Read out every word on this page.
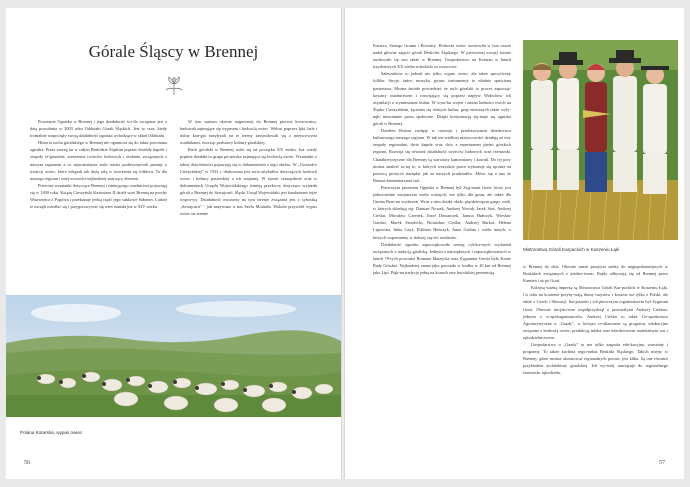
Górale Śląscy w Brennej

Powstanie Ogniska w Brennej i jego działalność ści-śle związane jest z datą powołania w 2003 roku Oddziału Górali Śląskich. Jest to czas, kiedy formalnie rozpoczęły swoją działalność ogniska wchodzące w skład Oddziału.

Historia ruchu góralskiego w Brennej nie ogranicza się do faktu powstania ogniska. Przez szereg lat w całym Beskidzie Śląskim prężnie działały kapele i zespoły re-gionalne, zrzeszenia twórców ludowych i zesłanie, związanych z naszym regionem a co najważniejsze stale mistrz podtrzymywali pamięć o tradycji owiec, które odegrali tak dużą rolę w tworzeniu się folkloru. To dla naszego regionu i miej-scowości najbardziej znaczący element.

Pierwsze wzmianki dotyczące Brennej i istniejącego osadnictwa pojawiają się w 1490 roku. Książę Cieszyński Kazimierz II dzieli wieś Brenną na prosby Wawrzyńca z Pogórza i przekazuje jedną część jego sukkowe Sałomei. Ludzie te zaczęli osiedlać się i przygotowywać się wieś istniała już w XIV wieku.

W tym samym okresie najpewniej do Brennej pierwsi koczownicy, budowali zajmujące się wypasem i hodowlą owiec. Wołosi poprzez lęki, bale i dolny kon-gat nasyłyzali na te tereny zasymilowali się z miejscowymi osadnikami, tworząc podstawy kultury góralskiej.

Ruch góralski w Brennej rodzi się na początku XX wieku. Już wtedy prężnie działała tu grupa pa-sterska zajmująca się hodowlą owiec. Wzmianki o takiej dzia-łalności pojawiają się w dokumentach z tego okresu. W „Gwiazdce Cieszyńskiej" w 1933 r. drukowana jest seria artykułów dotyczących hodowli owiec i kultury pasterskiej a ich znajomy. W tymże czasopiśmie oraz w dokumentach Urzędu Wojewódzkiego istnieją przeka-zy dotyczące wyjazdu górali z Brennej do Szwajcarii. Śląski Urząd Wojewódzki jest fundatorem tejże wypra-wy. Działalność owczarzy na tym terenie związana jest z sybostką „Szwajcarii" - jak nazywano u nas Szefa Moskała. Wokoła przywidź wypas owiec na terenie

Polana Kotarska, wypas owiec
56

Kotarza, Starego Grunia i Równicy. Hodowla owiec sta-nowiła w tym czasie nadal główne zajęcie górali Beski-du Śląskiego. W pierwotnej swojej formie zachowało się ono także w Brennej. Gospodarstwo na Kotarzu w latach trzydziestych XX wieku uchodziło za wzorcowe.

Sałaszników to jednak nie tylko wypas owiec, ale także specyficzny folklor. Stroje, tańce, muzyka, gwara, instrumenty to właśnie spuścizna pasterstwa. Można śmiało powiedzieć że ruch góralski to proces zapocząt-kowany osadnictwem i rozwijający się poprzez napływ Wołochów ich asymilacji z wymieszanie kultur. W wyni-ku wojen i zmian ludności owich na Śląsku Cieszyńskim, łączenia się różnych kultur, grup etnicznych także wyły-nęło nieustannie przez społeczne. Dzięki kontynuację się-muje się ogniska górali w Brennej.

Dziełem Brzezu zachęty w rozwoju i przekazywaniu dziedzictwa kulturowego naszego regionu. W tak nie-wielkiej miejscowości działają aż trzy zespoły regionalne, dwie kapele oraz chór z repertuarem pieśni górskich regionu. Rozwija się również działalność twórców ludowych oraz rzemiosła. Charakterystyczne dla Brennej są warsztaty kamieniarzy i kowali. Do tej pory można znaleźć tu-taj te, w których wszystkie prace wykonuje się ręcznie za pomocą prostych narzędzi jak za naszych pradziadów. Mówi się o nas że Brenna kamieniarzami stoi.

Pierwszym prezesem Ogniska w Brennej był Zyg-munt Gresi, który jest jednocześnie inicjatorem wielu ważnych, nie tylko dla gmin, ale także dla Gmina Bren-na wydarzeń. Wraz z nim działa około pięćdziesięciu grupy osób, w których składają się: Damian Nowak, Andrzej Nowak, Jarek Staś, Andrzej Cieślar, Mirosław Czernek, Józef Drosarczek, Janusz Hubczyk, Wiesław Gawlas, Marek Strzelecki, Bronisław Cieślar, Andrzej Burkot, Helena Lipowska, Inika Czyż, Elżbieta Hubczyk, Anna Gielata i wielu innych, o których wspomnimy w dalszej czę-ści rozdziału.

Działalność ogniska zapoczątkowała szereg cyklicz-nych wydarzeń związanych z tradycją góralską. Jednym z największych i zapoczątkowanych w latach 70-tych prowadzi Romana Idarzycka oraz Zygmunta Gresia było Konie Rady Górskie. Najbardziej znana jaka powstała w środku w 20 km od Brennej jako Lipi. Pięk-na tradycja jedną na konach rasy huculskiej prezentują

Mistrzostwa Górali Karpackich w Koszeniu Łąki

w Brennej do dziś. Obecnie nasze przejścia nadzy do najpopularniejszych w Beskidach związanych z jeździe-twem. Rajdy odbywają się od Brennej przez Kamień i aż po Groń.

Kolejną ważną imprezą są Mistrzostwa Górali Kar-packich w Koszeniu Łąki. Co roku na koszenie przyby-wają tłumy turystów i koszów nie tylko z Polski, ale także z Czech i Słowacji. Inicjatorem i ich pierwszym organizatorem był Zygmunt Gresi. Obecnie inicjato-rem współprzydziął z pozostałymi Andrzej Cieślarz, jednym z w-spółorganizatorów. Andrzej Cieślar to także Go-spodarstwo Agroturystyczne u „Gazdy", w którym re-alizowane są programy edukacyjne związane z hodowlą owiec, produkcją mleka oraz dziedzictwem materialnym wsi i rękodzielnictwem.

Gospodarstwo u „Gazdy" to nie tylko zagroda edu-kacyjna, warsztaty i programy. To także kuchnia regio-nalna Beskidu Śląskiego. Takich miejsc w Brennej, gdzie można skosztować regionalnych potraw, jest kilka. Są one również przykładem architektury góralskiej. Ich wy-strój nawiązuje do regionalnego rzemiosła, rękodzieła,

57
